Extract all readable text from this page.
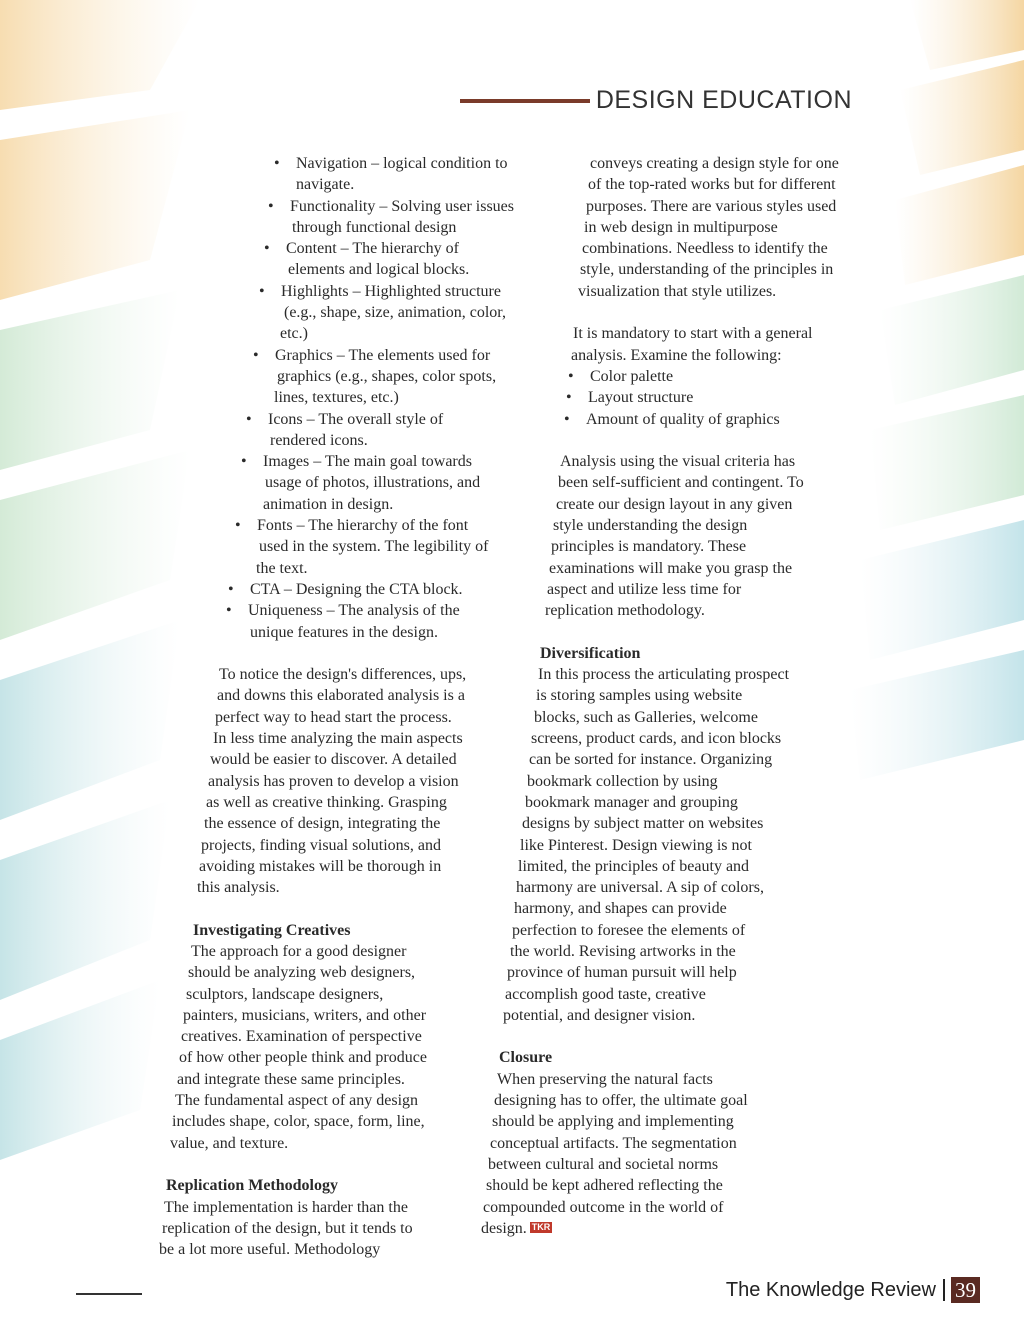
DESIGN EDUCATION
• Navigation – logical condition to
navigate.
• Functionality – Solving user issues
through functional design
• Content – The hierarchy of
elements and logical blocks.
• Highlights – Highlighted structure
(e.g., shape, size, animation, color,
etc.)
• Graphics – The elements used for
graphics (e.g., shapes, color spots,
lines, textures, etc.)
• Icons – The overall style of
rendered icons.
• Images – The main goal towards
usage of photos, illustrations, and
animation in design.
• Fonts – The hierarchy of the font
used in the system. The legibility of
the text.
• CTA – Designing the CTA block.
• Uniqueness – The analysis of the
unique features in the design.
To notice the design's differences, ups,
and downs this elaborated analysis is a
perfect way to head start the process.
In less time analyzing the main aspects
would be easier to discover. A detailed
analysis has proven to develop a vision
as well as creative thinking. Grasping
the essence of design, integrating the
projects, finding visual solutions, and
avoiding mistakes will be thorough in
this analysis.
Investigating Creatives
The approach for a good designer
should be analyzing web designers,
sculptors, landscape designers,
painters, musicians, writers, and other
creatives. Examination of perspective
of how other people think and produce
and integrate these same principles.
The fundamental aspect of any design
includes shape, color, space, form, line,
value, and texture.
Replication Methodology
The implementation is harder than the
replication of the design, but it tends to
be a lot more useful. Methodology
conveys creating a design style for one
of the top-rated works but for different
purposes. There are various styles used
in web design in multipurpose
combinations. Needless to identify the
style, understanding of the principles in
visualization that style utilizes.
It is mandatory to start with a general
analysis. Examine the following:
• Color palette
• Layout structure
• Amount of quality of graphics
Analysis using the visual criteria has
been self-sufficient and contingent. To
create our design layout in any given
style understanding the design
principles is mandatory. These
examinations will make you grasp the
aspect and utilize less time for
replication methodology.
Diversification
In this process the articulating prospect
is storing samples using website
blocks, such as Galleries, welcome
screens, product cards, and icon blocks
can be sorted for instance. Organizing
bookmark collection by using
bookmark manager and grouping
designs by subject matter on websites
like Pinterest. Design viewing is not
limited, the principles of beauty and
harmony are universal. A sip of colors,
harmony, and shapes can provide
perfection to foresee the elements of
the world. Revising artworks in the
province of human pursuit will help
accomplish good taste, creative
potential, and designer vision.
Closure
When preserving the natural facts
designing has to offer, the ultimate goal
should be applying and implementing
conceptual artifacts. The segmentation
between cultural and societal norms
should be kept adhered reflecting the
compounded outcome in the world of
design. TKR
The Knowledge Review 39
